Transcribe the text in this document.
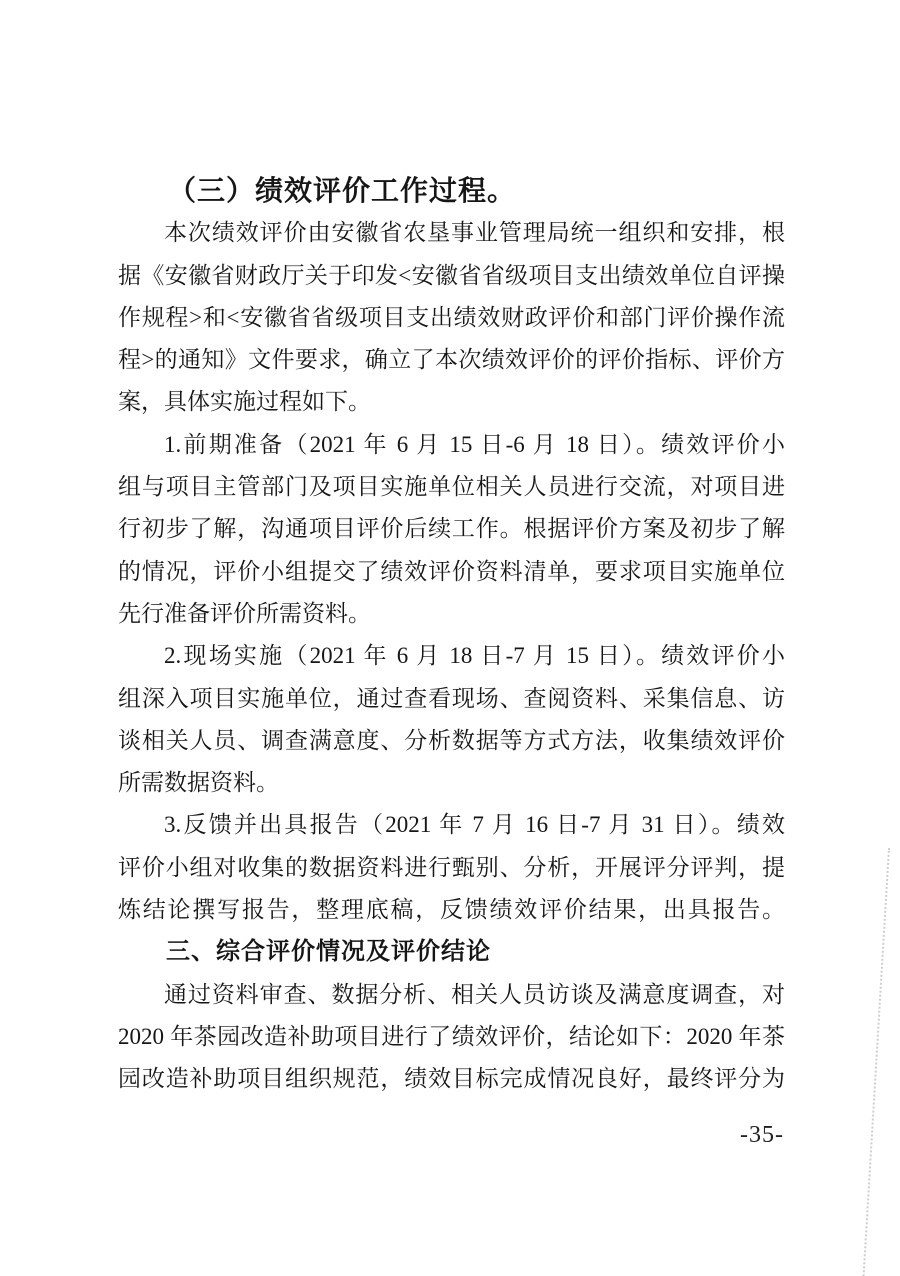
（三）绩效评价工作过程。
本次绩效评价由安徽省农垦事业管理局统一组织和安排，根
据《安徽省财政厅关于印发<安徽省省级项目支出绩效单位自评操
作规程>和<安徽省省级项目支出绩效财政评价和部门评价操作流
程>的通知》文件要求，确立了本次绩效评价的评价指标、评价方
案，具体实施过程如下。
1.前期准备（2021 年 6 月 15 日-6 月 18 日）。绩效评价小
组与项目主管部门及项目实施单位相关人员进行交流，对项目进
行初步了解，沟通项目评价后续工作。根据评价方案及初步了解
的情况，评价小组提交了绩效评价资料清单，要求项目实施单位
先行准备评价所需资料。
2.现场实施（2021 年 6 月 18 日-7 月 15 日）。绩效评价小
组深入项目实施单位，通过查看现场、查阅资料、采集信息、访
谈相关人员、调查满意度、分析数据等方式方法，收集绩效评价
所需数据资料。
3.反馈并出具报告（2021 年 7 月 16 日-7 月 31 日）。绩效
评价小组对收集的数据资料进行甄别、分析，开展评分评判，提
炼结论撰写报告，整理底稿，反馈绩效评价结果，出具报告。
三、综合评价情况及评价结论
通过资料审查、数据分析、相关人员访谈及满意度调查，对
2020 年茶园改造补助项目进行了绩效评价，结论如下：2020 年茶
园改造补助项目组织规范，绩效目标完成情况良好，最终评分为
-35-
